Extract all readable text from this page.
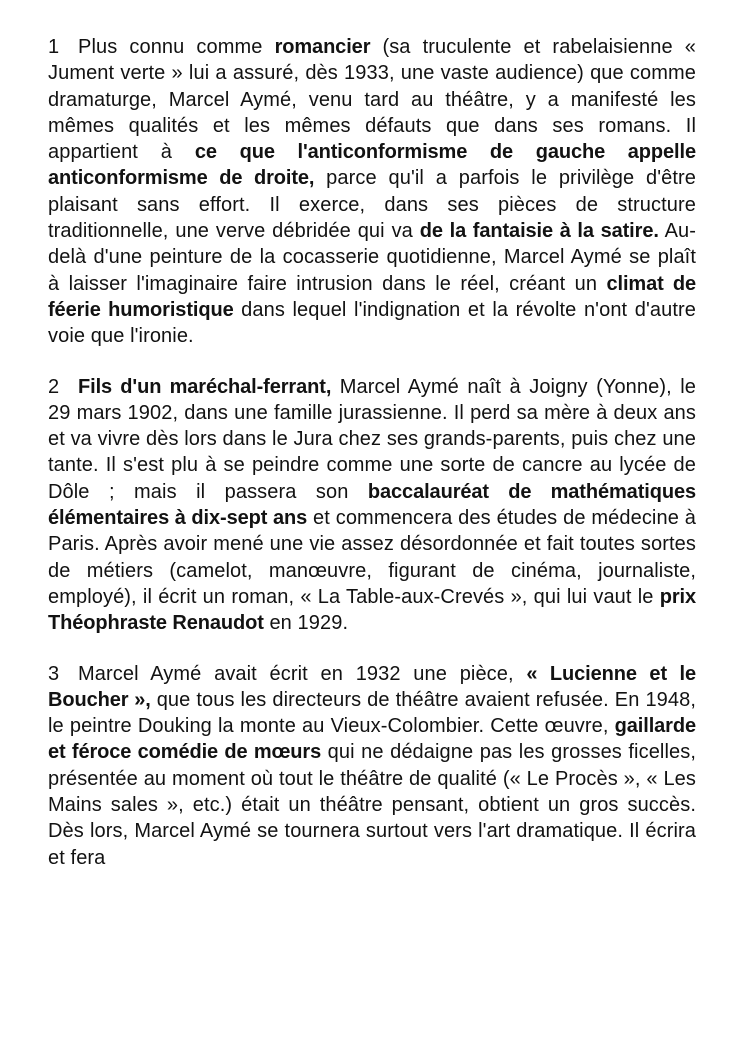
1 Plus connu comme romancier (sa truculente et rabelaisienne « Jument verte » lui a assuré, dès 1933, une vaste audience) que comme dramaturge, Marcel Aymé, venu tard au théâtre, y a manifesté les mêmes qualités et les mêmes défauts que dans ses romans. Il appartient à ce que l'anticonformisme de gauche appelle anticonformisme de droite, parce qu'il a parfois le privilège d'être plaisant sans effort. Il exerce, dans ses pièces de structure traditionnelle, une verve débridée qui va de la fantaisie à la satire. Au-delà d'une peinture de la cocasserie quotidienne, Marcel Aymé se plaît à laisser l'imaginaire faire intrusion dans le réel, créant un climat de féerie humoristique dans lequel l'indignation et la révolte n'ont d'autre voie que l'ironie.

2 Fils d'un maréchal-ferrant, Marcel Aymé naît à Joigny (Yonne), le 29 mars 1902, dans une famille jurassienne. Il perd sa mère à deux ans et va vivre dès lors dans le Jura chez ses grands-parents, puis chez une tante. Il s'est plu à se peindre comme une sorte de cancre au lycée de Dôle ; mais il passera son baccalauréat de mathématiques élémentaires à dix-sept ans et commencera des études de médecine à Paris. Après avoir mené une vie assez désordonnée et fait toutes sortes de métiers (camelot, manœuvre, figurant de cinéma, journaliste, employé), il écrit un roman, « La Table-aux-Crevés », qui lui vaut le prix Théophraste Renaudot en 1929.

3 Marcel Aymé avait écrit en 1932 une pièce, « Lucienne et le Boucher », que tous les directeurs de théâtre avaient refusée. En 1948, le peintre Douking la monte au Vieux-Colombier. Cette œuvre, gaillarde et féroce comédie de mœurs qui ne dédaigne pas les grosses ficelles, présentée au moment où tout le théâtre de qualité (« Le Procès », « Les Mains sales », etc.) était un théâtre pensant, obtient un gros succès. Dès lors, Marcel Aymé se tournera surtout vers l'art dramatique. Il écrira et fera
